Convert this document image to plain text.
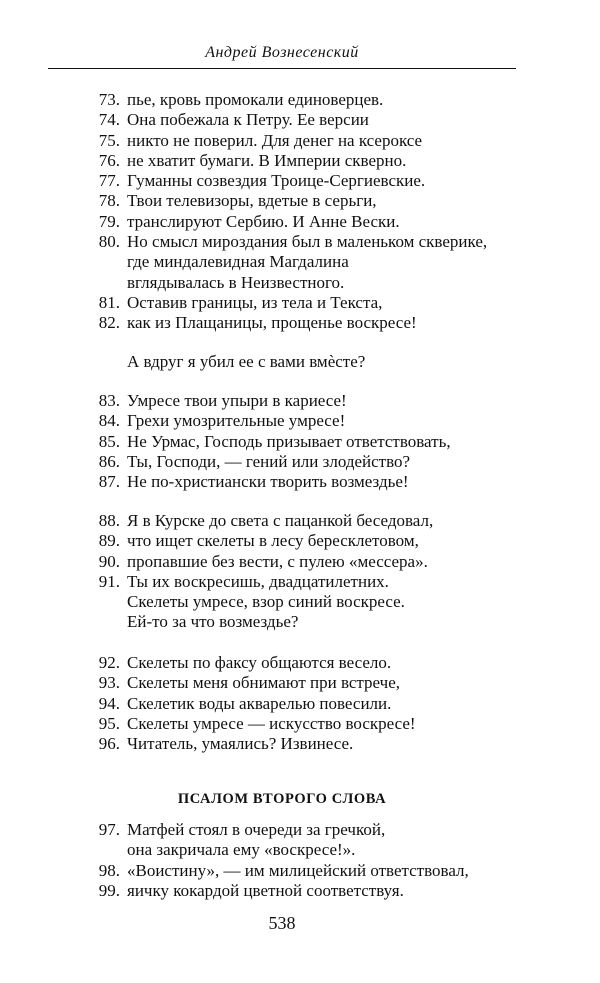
Андрей Вознесенский
73. пье, кровь промокали единоверцев.
74. Она побежала к Петру. Ее версии
75. никто не поверил. Для денег на ксероксе
76. не хватит бумаги. В Империи скверно.
77. Гуманны созвездия Троице-Сергиевские.
78. Твои телевизоры, вдетые в серьги,
79. транслируют Сербию. И Анне Вески.
80. Но смысл мироздания был в маленьком скверике,
где миндалевидная Магдалина
вглядывалась в Неизвестного.
81. Оставив границы, из тела и Текста,
82. как из Плащаницы, прощенье воскресе!
А вдруг я убил ее с вами вмѐсте?
83. Умресе твои упыри в кариесе!
84. Грехи умозрительные умресе!
85. Не Урмас, Господь призывает ответствовать,
86. Ты, Господи, — гений или злодейство?
87. Не по-христиански творить возмездье!
88. Я в Курске до света с пацанкой беседовал,
89. что ищет скелеты в лесу бересклетовом,
90. пропавшие без вести, с пулею «мессера».
91. Ты их воскресишь, двадцатилетних.
Скелеты умресе, взор синий воскресе.
Ей-то за что возмездье?
92. Скелеты по факсу общаются весело.
93. Скелеты меня обнимают при встрече,
94. Скелетик воды акварелью повесили.
95. Скелеты умресе — искусство воскресе!
96. Читатель, умаялись? Извинесе.
ПСАЛОМ ВТОРОГО СЛОВА
97. Матфей стоял в очереди за гречкой,
она закричала ему «воскресе!».
98. «Воистину», — им милицейский ответствовал,
99. яичку кокардой цветной соответствуя.
538
